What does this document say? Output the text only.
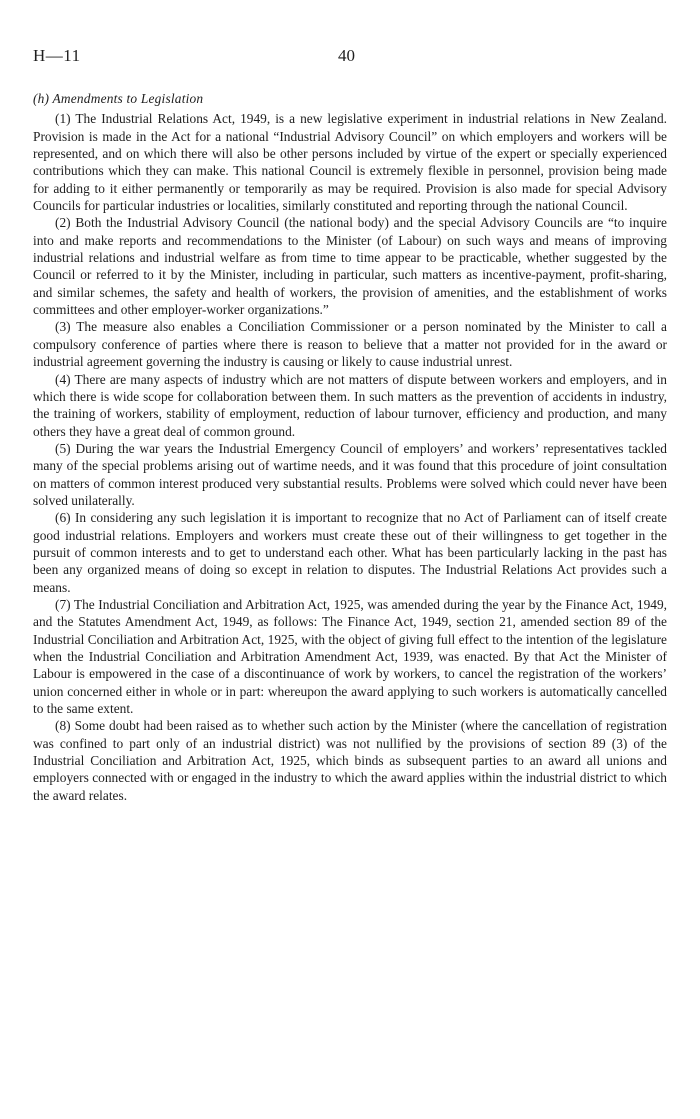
H—11	40
(h) Amendments to Legislation

(1) The Industrial Relations Act, 1949, is a new legislative experiment in industrial relations in New Zealand. Provision is made in the Act for a national “Industrial Advisory Council” on which employers and workers will be represented, and on which there will also be other persons included by virtue of the expert or specially experienced contributions which they can make. This national Council is extremely flexible in personnel, provision being made for adding to it either permanently or temporarily as may be required. Provision is also made for special Advisory Councils for particular industries or localities, similarly constituted and reporting through the national Council.

(2) Both the Industrial Advisory Council (the national body) and the special Advisory Councils are “to inquire into and make reports and recommendations to the Minister (of Labour) on such ways and means of improving industrial relations and industrial welfare as from time to time appear to be practicable, whether suggested by the Council or referred to it by the Minister, including in particular, such matters as incentive-payment, profit-sharing, and similar schemes, the safety and health of workers, the provision of amenities, and the establishment of works committees and other employer-worker organizations.”

(3) The measure also enables a Conciliation Commissioner or a person nominated by the Minister to call a compulsory conference of parties where there is reason to believe that a matter not provided for in the award or industrial agreement governing the industry is causing or likely to cause industrial unrest.

(4) There are many aspects of industry which are not matters of dispute between workers and employers, and in which there is wide scope for collaboration between them. In such matters as the prevention of accidents in industry, the training of workers, stability of employment, reduction of labour turnover, efficiency and production, and many others they have a great deal of common ground.

(5) During the war years the Industrial Emergency Council of employers’ and workers’ representatives tackled many of the special problems arising out of wartime needs, and it was found that this procedure of joint consultation on matters of common interest produced very substantial results. Problems were solved which could never have been solved unilaterally.

(6) In considering any such legislation it is important to recognize that no Act of Parliament can of itself create good industrial relations. Employers and workers must create these out of their willingness to get together in the pursuit of common interests and to get to understand each other. What has been particularly lacking in the past has been any organized means of doing so except in relation to disputes. The Industrial Relations Act provides such a means.

(7) The Industrial Conciliation and Arbitration Act, 1925, was amended during the year by the Finance Act, 1949, and the Statutes Amendment Act, 1949, as follows: The Finance Act, 1949, section 21, amended section 89 of the Industrial Conciliation and Arbitration Act, 1925, with the object of giving full effect to the intention of the legislature when the Industrial Conciliation and Arbitration Amendment Act, 1939, was enacted. By that Act the Minister of Labour is empowered in the case of a discontinuance of work by workers, to cancel the registration of the workers’ union concerned either in whole or in part: whereupon the award applying to such workers is automatically cancelled to the same extent.

(8) Some doubt had been raised as to whether such action by the Minister (where the cancellation of registration was confined to part only of an industrial district) was not nullified by the provisions of section 89 (3) of the Industrial Conciliation and Arbitration Act, 1925, which binds as subsequent parties to an award all unions and employers connected with or engaged in the industry to which the award applies within the industrial district to which the award relates.
